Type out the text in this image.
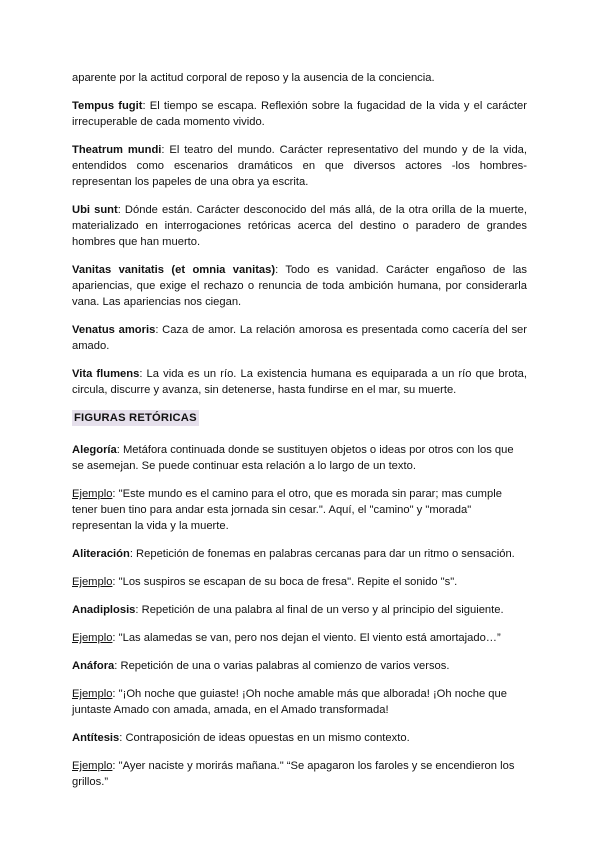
aparente por la actitud corporal de reposo y la ausencia de la conciencia.

Tempus fugit: El tiempo se escapa. Reflexión sobre la fugacidad de la vida y el carácter irrecuperable de cada momento vivido.

Theatrum mundi: El teatro del mundo. Carácter representativo del mundo y de la vida, entendidos como escenarios dramáticos en que diversos actores -los hombres- representan los papeles de una obra ya escrita.

Ubi sunt: Dónde están. Carácter desconocido del más allá, de la otra orilla de la muerte, materializado en interrogaciones retóricas acerca del destino o paradero de grandes hombres que han muerto.

Vanitas vanitatis (et omnia vanitas): Todo es vanidad. Carácter engañoso de las apariencias, que exige el rechazo o renuncia de toda ambición humana, por considerarla vana. Las apariencias nos ciegan.

Venatus amoris: Caza de amor. La relación amorosa es presentada como cacería del ser amado.

Vita flumens: La vida es un río. La existencia humana es equiparada a un río que brota, circula, discurre y avanza, sin detenerse, hasta fundirse en el mar, su muerte.

FIGURAS RETÓRICAS

Alegoría: Metáfora continuada donde se sustituyen objetos o ideas por otros con los que se asemejan. Se puede continuar esta relación a lo largo de un texto.

Ejemplo: "Este mundo es el camino para el otro, que es morada sin parar; mas cumple tener buen tino para andar esta jornada sin cesar.". Aquí, el "camino" y "morada" representan la vida y la muerte.

Aliteración: Repetición de fonemas en palabras cercanas para dar un ritmo o sensación.

Ejemplo: "Los suspiros se escapan de su boca de fresa". Repite el sonido "s".

Anadiplosis: Repetición de una palabra al final de un verso y al principio del siguiente.

Ejemplo: "Las alamedas se van, pero nos dejan el viento. El viento está amortajado…”

Anáfora: Repetición de una o varias palabras al comienzo de varios versos.

Ejemplo: "¡Oh noche que guiaste! ¡Oh noche amable más que alborada! ¡Oh noche que juntaste Amado con amada, amada, en el Amado transformada!

Antítesis: Contraposición de ideas opuestas en un mismo contexto.

Ejemplo: "Ayer naciste y morirás mañana." “Se apagaron los faroles y se encendieron los grillos.”
